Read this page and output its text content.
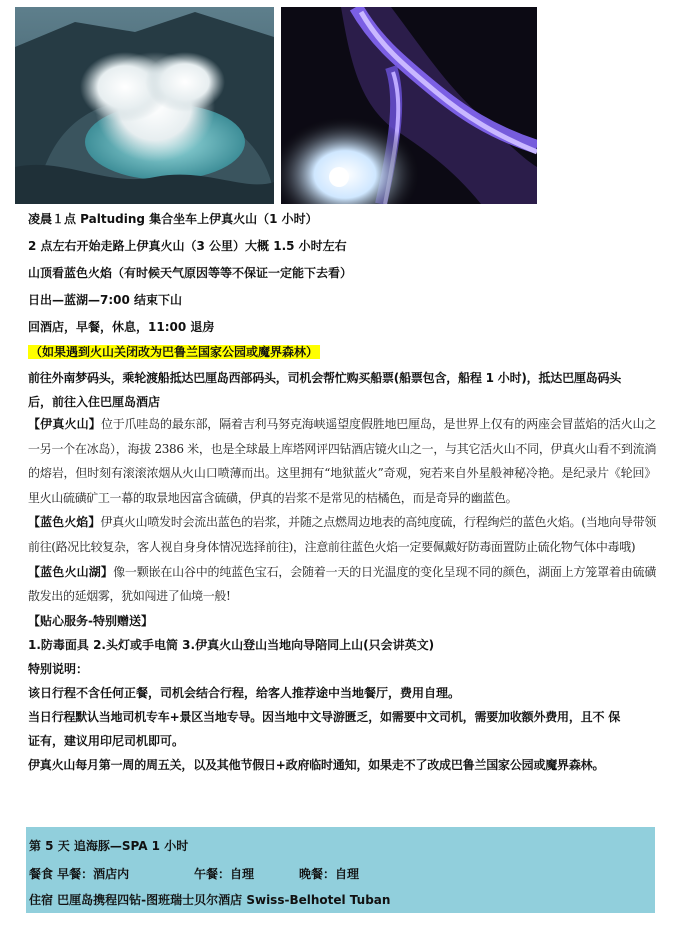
凌晨１点 Paltuding 集合坐车上伊真火山（1 小时）

2 点左右开始走路上伊真火山（3 公里）大概 1.5 小时左右

山顶看蓝色火焰（有时候天气原因等等不保证一定能下去看）

日出—蓝湖—7:00 结束下山

回酒店，早餐，休息，11:00 退房

（如果遇到火山关闭改为巴鲁兰国家公园或魔界森林）

前往外南梦码头，乘轮渡船抵达巴厘岛西部码头，司机会帮忙购买船票(船票包含，船程 1 小时)，抵达巴厘岛码头

后，前往入住巴厘岛酒店

【伊真火山】位于爪哇岛的最东部，隔着吉利马努克海峡遥望度假胜地巴厘岛，是世界上仅有的两座会冒蓝焰的活火山之一另一个在冰岛），海拔 2386 米，也是全球最上库塔网评四钻酒店镜火山之一，与其它活火山不同，伊真火山看不到流淌的熔岩，但时刻有滚滚浓烟从火山口喷薄而出。这里拥有“地狱蓝火”奇观，宛若来自外星般神秘冷艳。是纪录片《轮回》里火山硫磺矿工一幕的取景地因富含硫磺，伊真的岩浆不是常见的桔橘色，而是奇异的幽蓝色。

【蓝色火焰】伊真火山喷发时会流出蓝色的岩浆，并随之点燃周边地表的高纯度硫，行程绚烂的蓝色火焰。(当地向导带领前往(路况比较复杂，客人视自身身体情况选择前往)，注意前往蓝色火焰一定要佩戴好防毒面置防止硫化物气体中毒哦)

【蓝色火山湖】像一颗嵌在山谷中的纯蓝色宝石，会随着一天的日光温度的变化呈现不同的颜色，湖面上方笼罩着由硫磺散发出的延烟雾，犹如闯进了仙境一般!

【贴心服务-特别赠送】

1.防毒面具 2.头灯或手电筒 3.伊真火山登山当地向导陪同上山(只会讲英文)

特别说明：

该日行程不含任何正餐，司机会结合行程，给客人推荐途中当地餐厅，费用自理。

当日行程默认当地司机专车+景区当地专导。因当地中文导游匮乏，如需要中文司机，需要加收额外费用，且不 保

证有，建议用印尼司机即可。

伊真火山每月第一周的周五关，以及其他节假日+政府临时通知，如果走不了改成巴鲁兰国家公园或魔界森林。

第 5 天 追海豚—SPA 1 小时
餐食 早餐：酒店内	午餐：自理	晚餐：自理
住宿 巴厘岛携程四钻-图班瑞士贝尔酒店 Swiss-Belhotel Tuban
